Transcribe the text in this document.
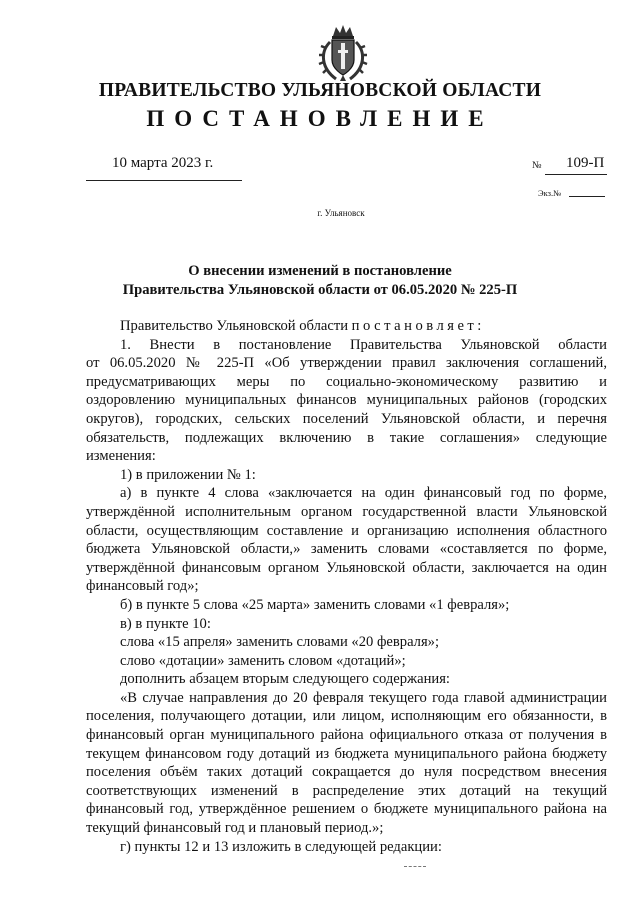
ПРАВИТЕЛЬСТВО УЛЬЯНОВСКОЙ ОБЛАСТИ
ПОСТАНОВЛЕНИЕ
10 марта 2023 г.	№ 109-П
Экз.№
г. Ульяновск
О внесении изменений в постановление
Правительства Ульяновской области от 06.05.2020 № 225-П

Правительство Ульяновской области постановляет:

1. Внести в постановление Правительства Ульяновской области

от 06.05.2020 № 225-П «Об утверждении правил заключения соглашений, предусматривающих меры по социально-экономическому развитию и оздоровлению муниципальных финансов муниципальных районов (городских округов), городских, сельских поселений Ульяновской области, и перечня обязательств, подлежащих включению в такие соглашения» следующие изменения:

1) в приложении № 1:

а) в пункте 4 слова «заключается на один финансовый год по форме, утверждённой исполнительным органом государственной власти Ульяновской области, осуществляющим составление и организацию исполнения областного бюджета Ульяновской области,» заменить словами «составляется по форме, утверждённой финансовым органом Ульяновской области, заключается на один финансовый год»;

б) в пункте 5 слова «25 марта» заменить словами «1 февраля»;

в) в пункте 10:

слова «15 апреля» заменить словами «20 февраля»;

слово «дотации» заменить словом «дотаций»;

дополнить абзацем вторым следующего содержания:

«В случае направления до 20 февраля текущего года главой администрации поселения, получающего дотации, или лицом, исполняющим его обязанности, в финансовый орган муниципального района официального отказа от получения в текущем финансовом году дотаций из бюджета муниципального района бюджету поселения объём таких дотаций сокращается до нуля посредством внесения соответствующих изменений в распределение этих дотаций на текущий финансовый год, утверждённое решением о бюджете муниципального района на текущий финансовый год и плановый период.»;

г) пункты 12 и 13 изложить в следующей редакции:
